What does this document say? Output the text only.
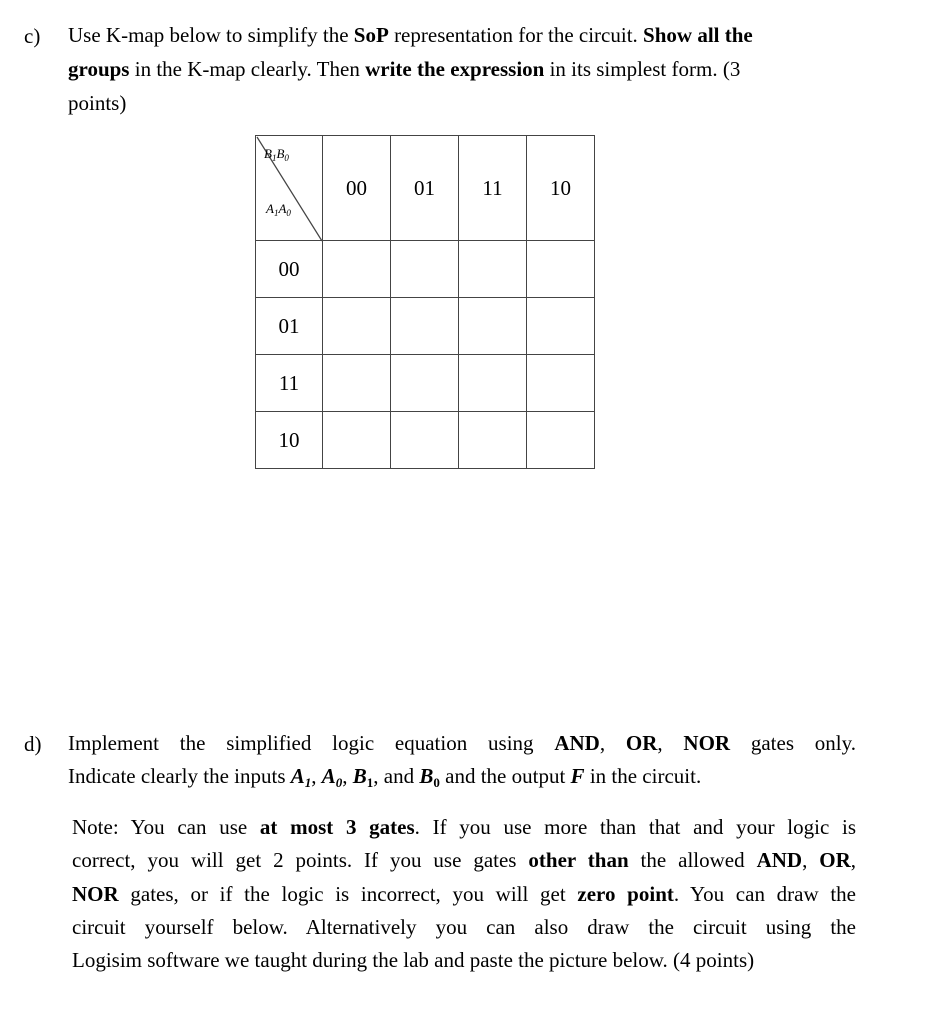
c) Use K-map below to simplify the SoP representation for the circuit. Show all the
groups in the K-map clearly. Then write the expression in its simplest form. (3
points)
$B_1B_0$
$A_1A_0$	00	01	11	10
00				
01				
11				
10				
d) Implement the simplified logic equation using AND, OR, NOR gates only.
Indicate clearly the inputs $A_1$, $A_0$, $B_1$, and $B_0$ and the output F in the circuit.
Note: You can use at most 3 gates. If you use more than that and your logic is
correct, you will get 2 points. If you use gates other than the allowed AND, OR,
NOR gates, or if the logic is incorrect, you will get zero point. You can draw the
circuit yourself below. Alternatively you can also draw the circuit using the
Logisim software we taught during the lab and paste the picture below. (4 points)
